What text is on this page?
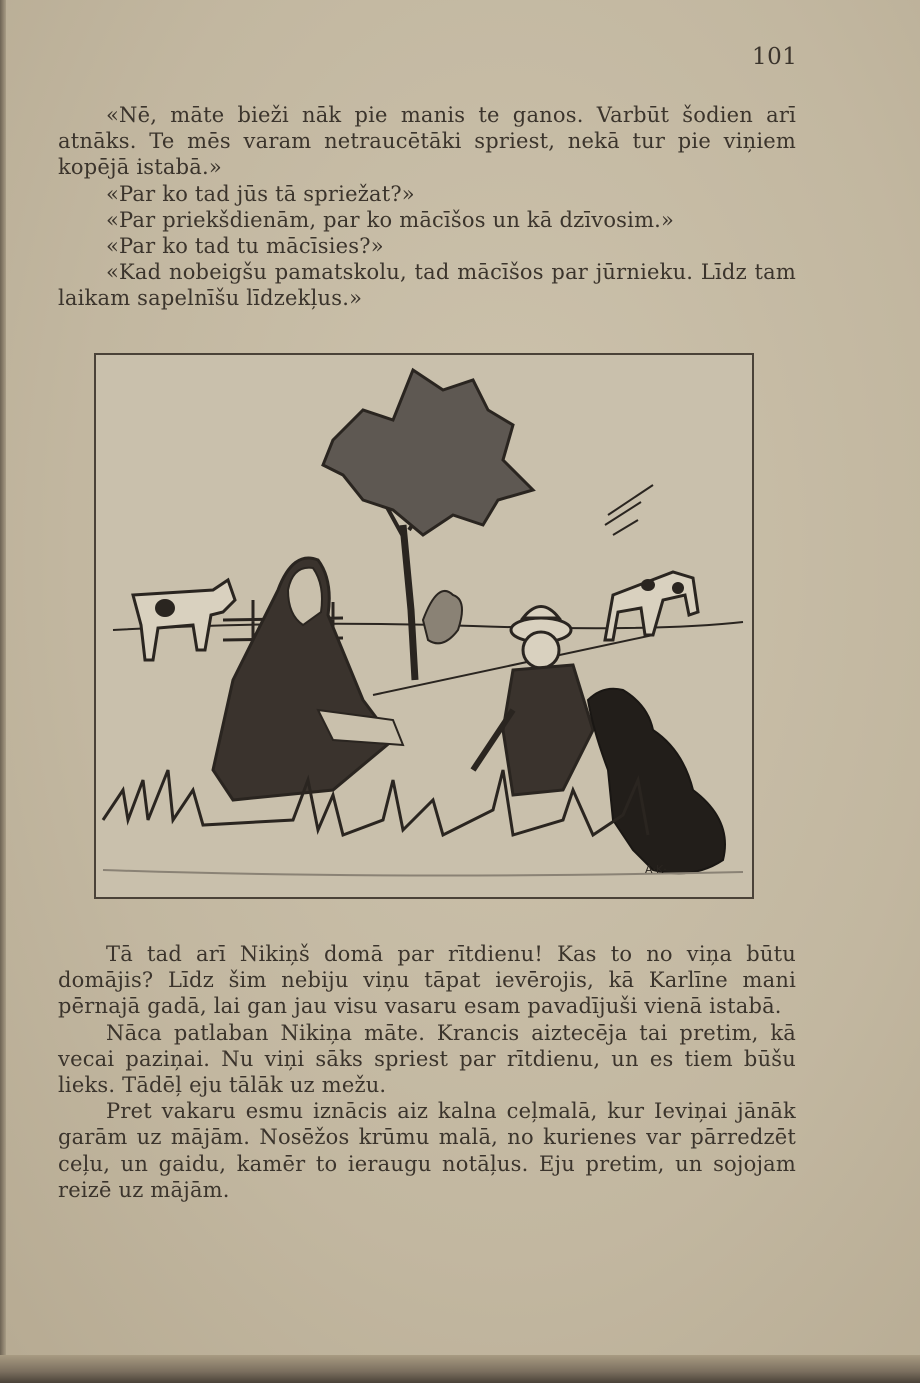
101

«Nē, māte bieži nāk pie manis te ganos. Varbūt šodien arī atnāks. Te mēs varam netraucētāki spriest, nekā tur pie viņiem kopējā istabā.»

«Par ko tad jūs tā spriežat?»

«Par priekšdienām, par ko mācīšos un kā dzīvosim.»

«Par ko tad tu mācīsies?»

«Kad nobeigšu pamatskolu, tad mācīšos par jūrnieku. Līdz tam laikam sapelnīšu līdzekļus.»

A·K·

Tā tad arī Nikiņš domā par rītdienu! Kas to no viņa būtu domājis? Līdz šim nebiju viņu tāpat ievērojis, kā Karlīne mani pērnajā gadā, lai gan jau visu vasaru esam pavadījuši vienā istabā.

Nāca patlaban Nikiņa māte. Krancis aiztecēja tai pretim, kā vecai paziņai. Nu viņi sāks spriest par rītdienu, un es tiem būšu lieks. Tādēļ eju tālāk uz mežu.

Pret vakaru esmu iznācis aiz kalna ceļmalā, kur Ieviņai jānāk garām uz mājām. Nosēžos krūmu malā, no kurienes var pārredzēt ceļu, un gaidu, kamēr to ieraugu notāļus. Eju pretim, un sojojam reizē uz mājām.
